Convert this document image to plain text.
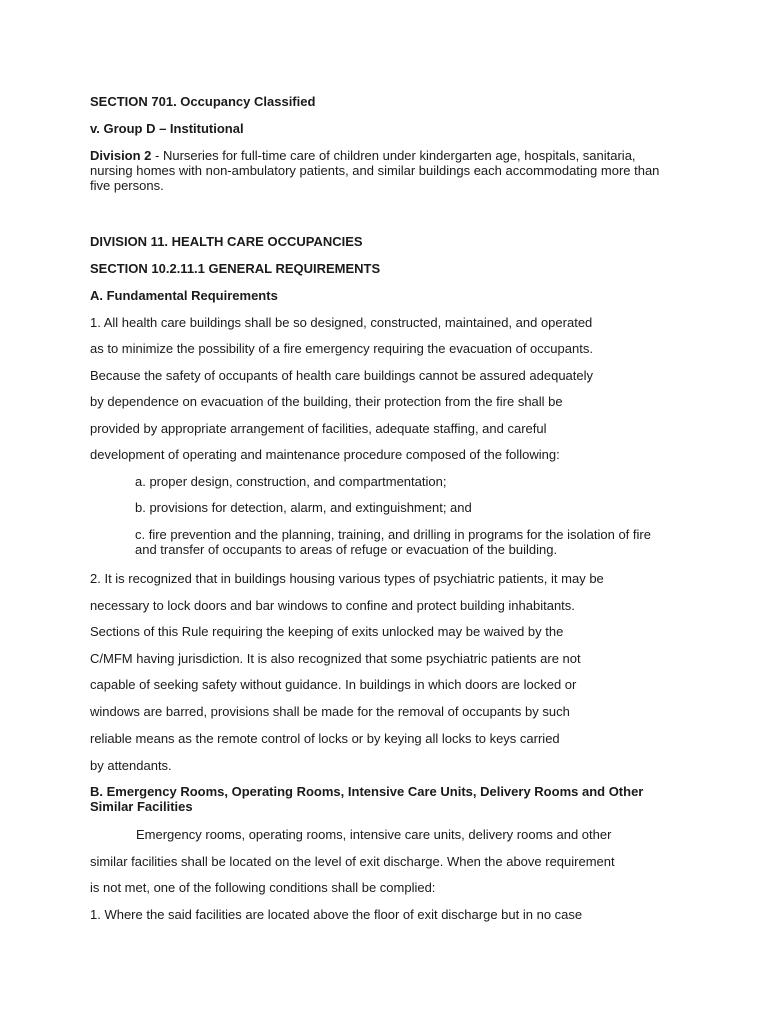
SECTION 701. Occupancy Classified

v. Group D – Institutional

Division 2 - Nurseries for full-time care of children under kindergarten age, hospitals, sanitaria, nursing homes with non-ambulatory patients, and similar buildings each accommodating more than five persons.

DIVISION 11. HEALTH CARE OCCUPANCIES

SECTION 10.2.11.1 GENERAL REQUIREMENTS

A. Fundamental Requirements

1. All health care buildings shall be so designed, constructed, maintained, and operated

as to minimize the possibility of a fire emergency requiring the evacuation of occupants.

Because the safety of occupants of health care buildings cannot be assured adequately

by dependence on evacuation of the building, their protection from the fire shall be

provided by appropriate arrangement of facilities, adequate staffing, and careful

development of operating and maintenance procedure composed of the following:

a. proper design, construction, and compartmentation;

b. provisions for detection, alarm, and extinguishment; and

c. fire prevention and the planning, training, and drilling in programs for the isolation of fire and transfer of occupants to areas of refuge or evacuation of the building.

2. It is recognized that in buildings housing various types of psychiatric patients, it may be

necessary to lock doors and bar windows to confine and protect building inhabitants.

Sections of this Rule requiring the keeping of exits unlocked may be waived by the

C/MFM having jurisdiction. It is also recognized that some psychiatric patients are not

capable of seeking safety without guidance. In buildings in which doors are locked or

windows are barred, provisions shall be made for the removal of occupants by such

reliable means as the remote control of locks or by keying all locks to keys carried

by attendants.

B. Emergency Rooms, Operating Rooms, Intensive Care Units, Delivery Rooms and Other Similar Facilities

Emergency rooms, operating rooms, intensive care units, delivery rooms and other

similar facilities shall be located on the level of exit discharge. When the above requirement

is not met, one of the following conditions shall be complied:

1. Where the said facilities are located above the floor of exit discharge but in no case
